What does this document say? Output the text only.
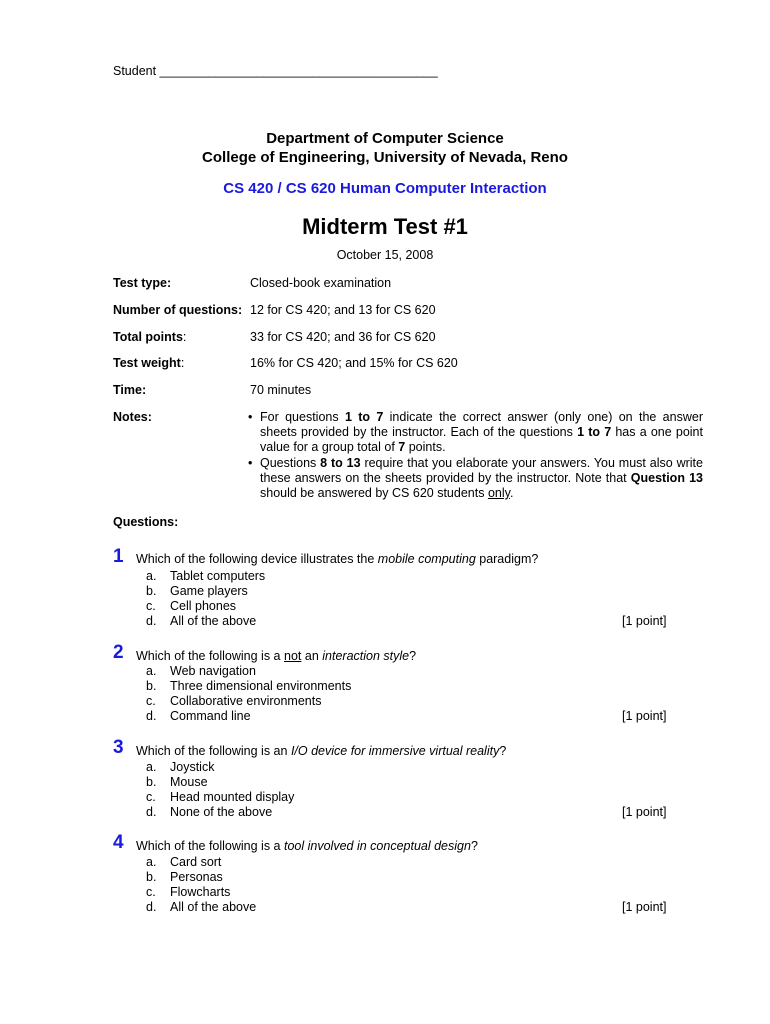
Student ________________________________________
Department of Computer Science
College of Engineering, University of Nevada, Reno
CS 420 / CS 620 Human Computer Interaction
Midterm Test #1
October 15, 2008
Test type:	Closed-book examination
Number of questions: 12 for CS 420; and 13 for CS 620
Total points:	33 for CS 420; and 36 for CS 620
Test weight:	16% for CS 420; and 15% for CS 620
Time:	70 minutes
Notes:	• For questions 1 to 7 indicate the correct answer (only one) on the answer sheets provided by the instructor. Each of the questions 1 to 7 has a one point value for a group total of 7 points.
• Questions 8 to 13 require that you elaborate your answers. You must also write these answers on the sheets provided by the instructor. Note that Question 13 should be answered by CS 620 students only.
Questions:
1 Which of the following device illustrates the mobile computing paradigm?
a. Tablet computers
b. Game players
c. Cell phones
d. All of the above	[1 point]
2 Which of the following is a not an interaction style?
a. Web navigation
b. Three dimensional environments
c. Collaborative environments
d. Command line	[1 point]
3 Which of the following is an I/O device for immersive virtual reality?
a. Joystick
b. Mouse
c. Head mounted display
d. None of the above	[1 point]
4 Which of the following is a tool involved in conceptual design?
a. Card sort
b. Personas
c. Flowcharts
d. All of the above	[1 point]
